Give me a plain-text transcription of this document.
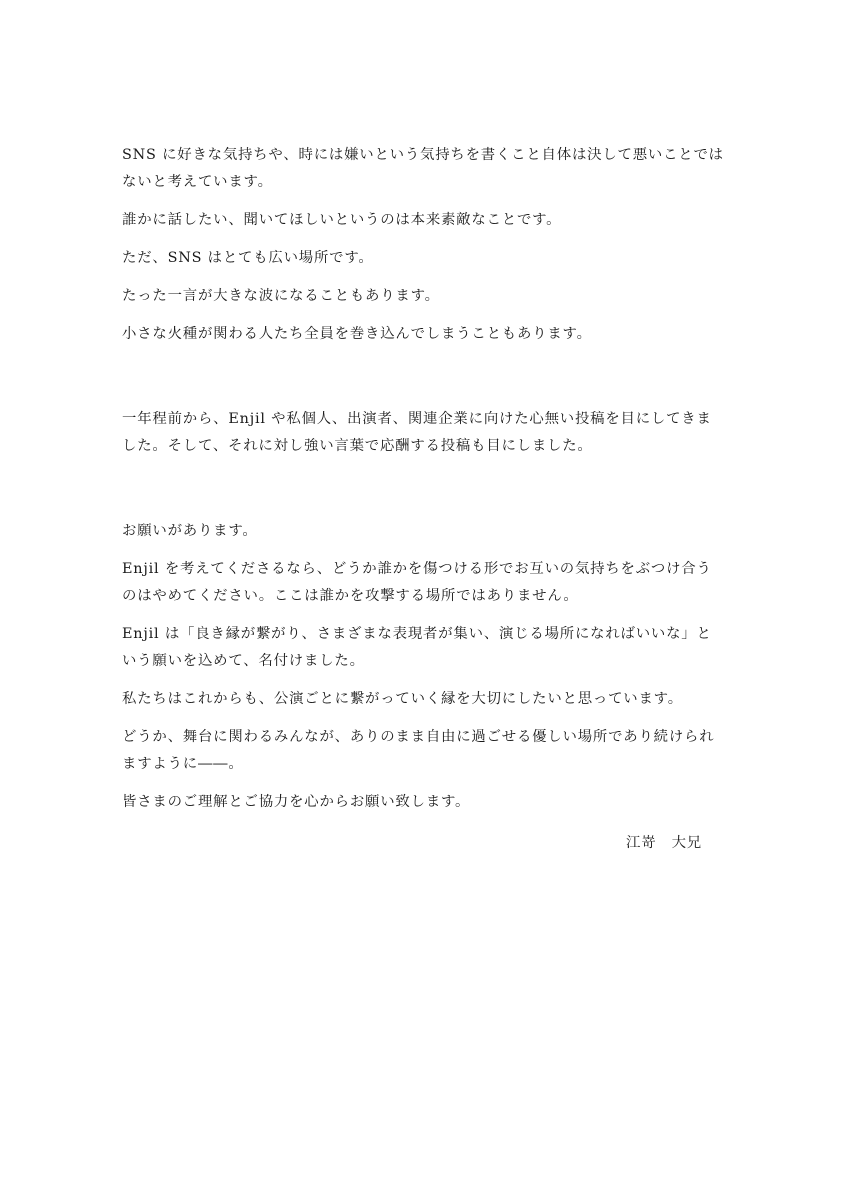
SNS に好きな気持ちや、時には嫌いという気持ちを書くこと自体は決して悪いことではないと考えています。

誰かに話したい、聞いてほしいというのは本来素敵なことです。

ただ、SNS はとても広い場所です。

たった一言が大きな波になることもあります。

小さな火種が関わる人たち全員を巻き込んでしまうこともあります。

一年程前から、Enjil や私個人、出演者、関連企業に向けた心無い投稿を目にしてきました。そして、それに対し強い言葉で応酬する投稿も目にしました。

お願いがあります。

Enjil を考えてくださるなら、どうか誰かを傷つける形でお互いの気持ちをぶつけ合うのはやめてください。ここは誰かを攻撃する場所ではありません。

Enjil は「良き縁が繋がり、さまざまな表現者が集い、演じる場所になればいいな」という願いを込めて、名付けました。

私たちはこれからも、公演ごとに繋がっていく縁を大切にしたいと思っています。

どうか、舞台に関わるみんなが、ありのまま自由に過ごせる優しい場所であり続けられますように――。

皆さまのご理解とご協力を心からお願い致します。

江嵜　大兄
